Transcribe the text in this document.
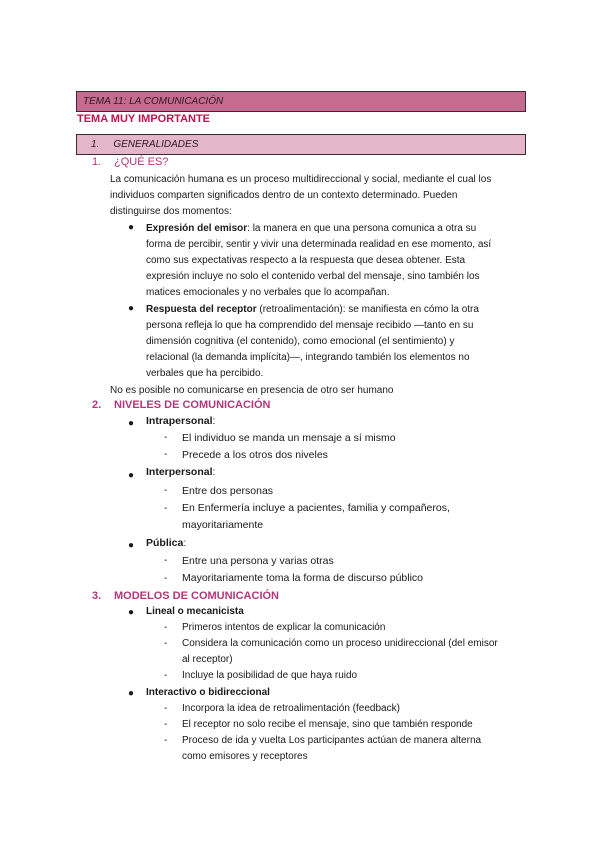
TEMA 11: LA COMUNICACIÓN
TEMA MUY IMPORTANTE
1. GENERALIDADES
1. ¿QUÉ ES?
La comunicación humana es un proceso multidireccional y social, mediante el cual los
individuos comparten significados dentro de un contexto determinado. Pueden
distinguirse dos momentos:
● Expresión del emisor: la manera en que una persona comunica a otra su
forma de percibir, sentir y vivir una determinada realidad en ese momento, así
como sus expectativas respecto a la respuesta que desea obtener. Esta
expresión incluye no solo el contenido verbal del mensaje, sino también los
matices emocionales y no verbales que lo acompañan.
● Respuesta del receptor (retroalimentación): se manifiesta en cómo la otra
persona refleja lo que ha comprendido del mensaje recibido —tanto en su
dimensión cognitiva (el contenido), como emocional (el sentimiento) y
relacional (la demanda implícita)—, integrando también los elementos no
verbales que ha percibido.
No es posible no comunicarse en presencia de otro ser humano
2. NIVELES DE COMUNICACIÓN
● Intrapersonal:
- El individuo se manda un mensaje a sí mismo
- Precede a los otros dos niveles
● Interpersonal:
- Entre dos personas
- En Enfermería incluye a pacientes, familia y compañeros,
mayoritariamente
● Pública:
- Entre una persona y varias otras
- Mayoritariamente toma la forma de discurso público
3. MODELOS DE COMUNICACIÓN
● Lineal o mecanicista
- Primeros intentos de explicar la comunicación
- Considera la comunicación como un proceso unidireccional (del emisor
al receptor)
- Incluye la posibilidad de que haya ruido
● Interactivo o bidireccional
- Incorpora la idea de retroalimentación (feedback)
- El receptor no solo recibe el mensaje, sino que también responde
- Proceso de ida y vuelta Los participantes actúan de manera alterna
como emisores y receptores
